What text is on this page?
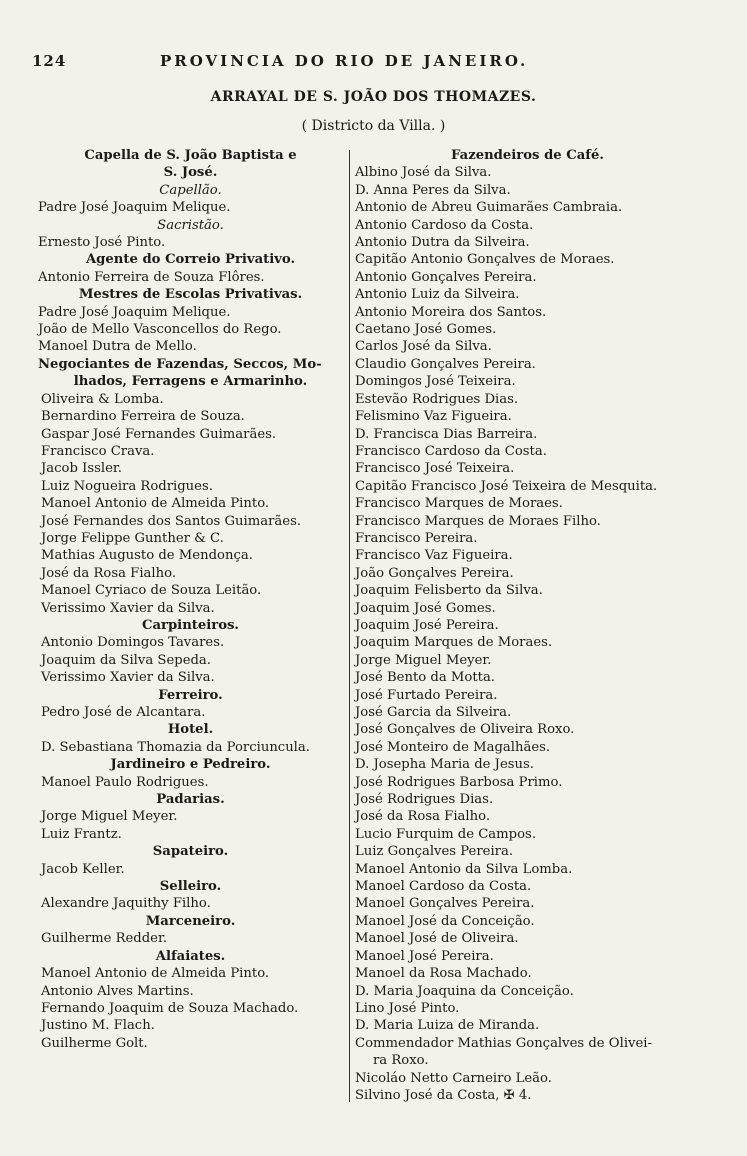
124	PROVINCIA DO RIO DE JANEIRO.
ARRAYAL DE S. JOÃO DOS THOMAZES.
( Districto da Villa. )
Capella de S. João Baptista e
S. José.
Capellão.
Padre José Joaquim Melique.
Sacristão.
Ernesto José Pinto.
Agente do Correio Privativo.
Antonio Ferreira de Souza Flôres.
Mestres de Escolas Privativas.
Padre José Joaquim Melique.
João de Mello Vasconcellos do Rego.
Manoel Dutra de Mello.
Negociantes de Fazendas, Seccos, Mo-
lhados, Ferragens e Armarinho.
Oliveira & Lomba.
Bernardino Ferreira de Souza.
Gaspar José Fernandes Guimarães.
Francisco Crava.
Jacob Issler.
Luiz Nogueira Rodrigues.
Manoel Antonio de Almeida Pinto.
José Fernandes dos Santos Guimarães.
Jorge Felippe Gunther & C.
Mathias Augusto de Mendonça.
José da Rosa Fialho.
Manoel Cyriaco de Souza Leitão.
Verissimo Xavier da Silva.
Carpinteiros.
Antonio Domingos Tavares.
Joaquim da Silva Sepeda.
Verissimo Xavier da Silva.
Ferreiro.
Pedro José de Alcantara.
Hotel.
D. Sebastiana Thomazia da Porciuncula.
Jardineiro e Pedreiro.
Manoel Paulo Rodrigues.
Padarias.
Jorge Miguel Meyer.
Luiz Frantz.
Sapateiro.
Jacob Keller.
Selleiro.
Alexandre Jaquithy Filho.
Marceneiro.
Guilherme Redder.
Alfaiates.
Manoel Antonio de Almeida Pinto.
Antonio Alves Martins.
Fernando Joaquim de Souza Machado.
Justino M. Flach.
Guilherme Golt.
Fazendeiros de Café.
Albino José da Silva.
D. Anna Peres da Silva.
Antonio de Abreu Guimarães Cambraia.
Antonio Cardoso da Costa.
Antonio Dutra da Silveira.
Capitão Antonio Gonçalves de Moraes.
Antonio Gonçalves Pereira.
Antonio Luiz da Silveira.
Antonio Moreira dos Santos.
Caetano José Gomes.
Carlos José da Silva.
Claudio Gonçalves Pereira.
Domingos José Teixeira.
Estevão Rodrigues Dias.
Felismino Vaz Figueira.
D. Francisca Dias Barreira.
Francisco Cardoso da Costa.
Francisco José Teixeira.
Capitão Francisco José Teixeira de Mesquita.
Francisco Marques de Moraes.
Francisco Marques de Moraes Filho.
Francisco Pereira.
Francisco Vaz Figueira.
João Gonçalves Pereira.
Joaquim Felisberto da Silva.
Joaquim José Gomes.
Joaquim José Pereira.
Joaquim Marques de Moraes.
Jorge Miguel Meyer.
José Bento da Motta.
José Furtado Pereira.
José Garcia da Silveira.
José Gonçalves de Oliveira Roxo.
José Monteiro de Magalhães.
D. Josepha Maria de Jesus.
José Rodrigues Barbosa Primo.
José Rodrigues Dias.
José da Rosa Fialho.
Lucio Furquim de Campos.
Luiz Gonçalves Pereira.
Manoel Antonio da Silva Lomba.
Manoel Cardoso da Costa.
Manoel Gonçalves Pereira.
Manoel José da Conceição.
Manoel José de Oliveira.
Manoel José Pereira.
Manoel da Rosa Machado.
D. Maria Joaquina da Conceição.
Lino José Pinto.
D. Maria Luiza de Miranda.
Commendador Mathias Gonçalves de Olivei-
ra Roxo.
Nicoláo Netto Carneiro Leão.
Silvino José da Costa, ✠ 4.
